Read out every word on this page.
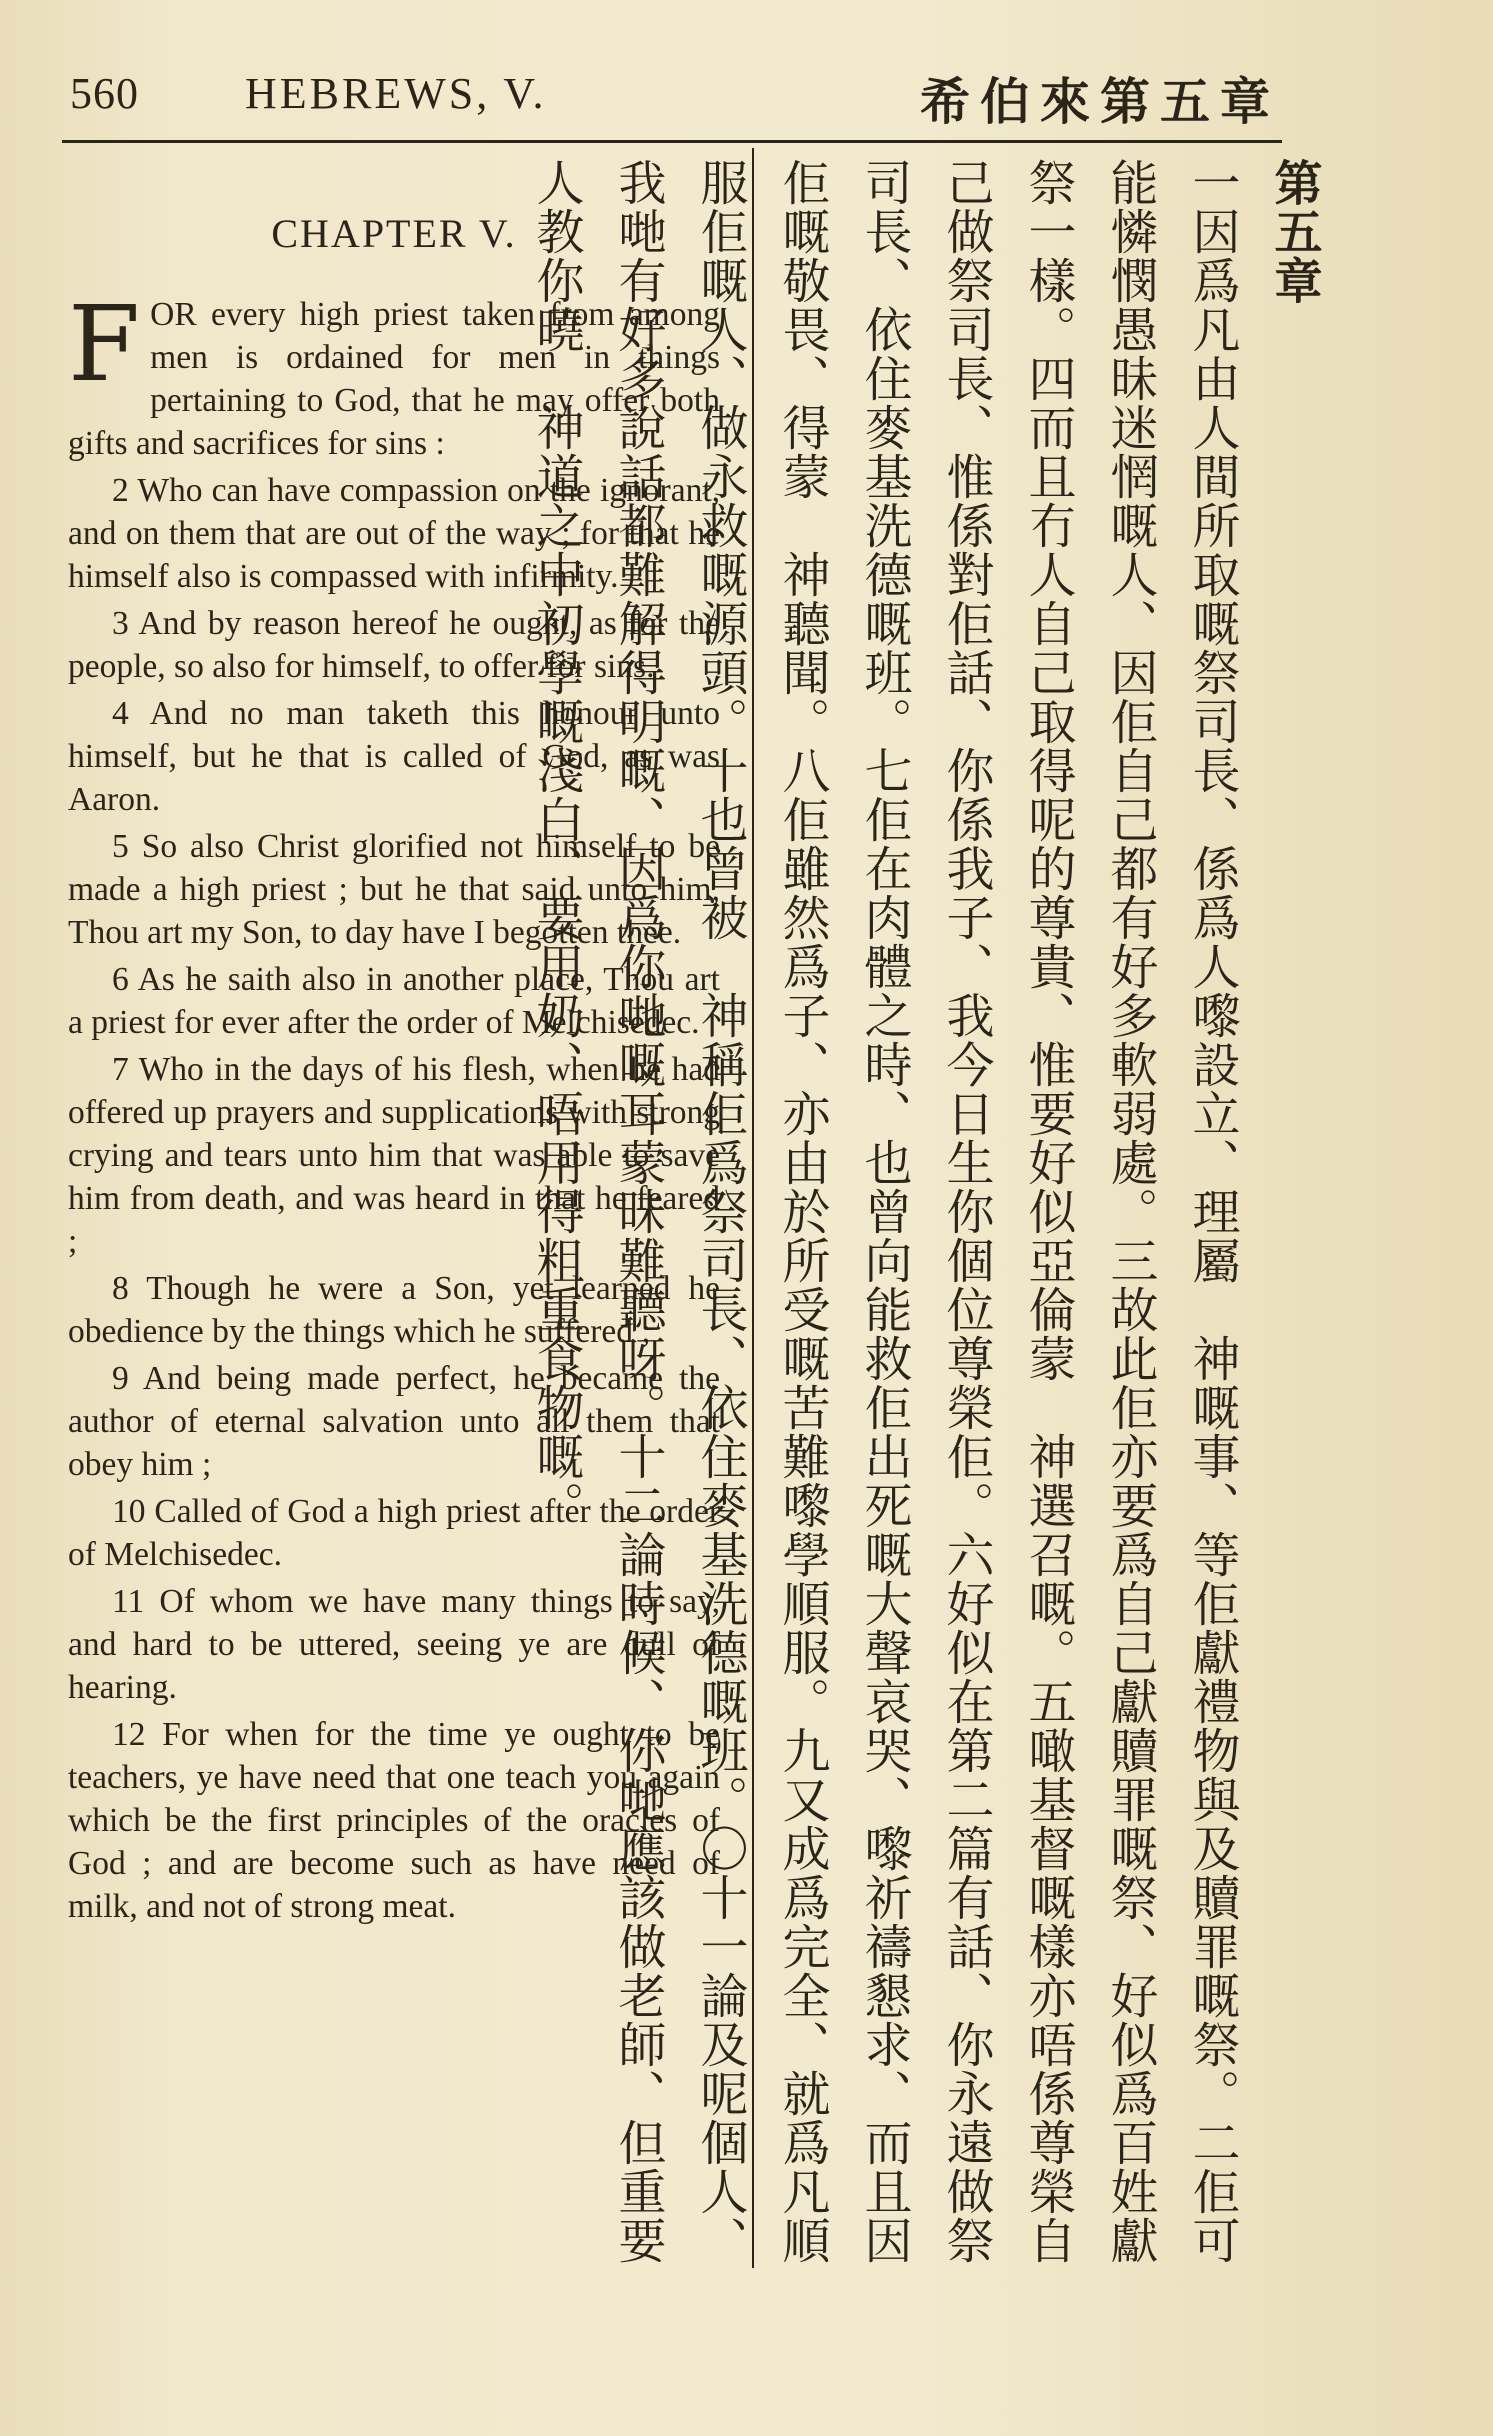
560 HEBREWS, V.	希伯來第五章
CHAPTER V.

FOR every high priest taken from among men is ordained for men in things pertaining to God, that he may offer both gifts and sacrifices for sins :

2 Who can have compassion on the ignorant, and on them that are out of the way ; for that he himself also is compassed with infirmity.

3 And by reason hereof he ought, as for the people, so also for himself, to offer for sins.

4 And no man taketh this honour unto himself, but he that is called of God, as was Aaron.

5 So also Christ glorified not himself to be made a high priest ; but he that said unto him, Thou art my Son, to day have I begotten thee.

6 As he saith also in another place, Thou art a priest for ever after the order of Melchisedec.

7 Who in the days of his flesh, when he had offered up prayers and supplications with strong crying and tears unto him that was able to save him from death, and was heard in that he feared ;

8 Though he were a Son, yet learned he obedience by the things which he suffered ;

9 And being made perfect, he became the author of eternal salvation unto all them that obey him ;

10 Called of God a high priest after the order of Melchisedec.

11 Of whom we have many things to say, and hard to be uttered, seeing ye are dull of hearing.

12 For when for the time ye ought to be teachers, ye have need that one teach you again which be the first principles of the oracles of God ; and are become such as have need of milk, and not of strong meat.

第五章

一因爲凡由人間所取嘅祭司長、係爲人嚟設立、理屬　神嘅事、等佢獻禮物與及贖罪嘅祭。二佢可能憐憫愚昧迷惘嘅人、因佢自己都有好多軟弱處。三故此佢亦要爲自己獻贖罪嘅祭、好似爲百姓獻祭一樣。四而且冇人自己取得呢的尊貴、惟要好似亞倫蒙　神選召嘅。五噉基督嘅樣亦唔係尊榮自己做祭司長、惟係對佢話、你係我子、我今日生你個位尊榮佢。六好似在第二篇有話、你永遠做祭司長、依住麥基洗德嘅班。七佢在肉體之時、也曾向能救佢出死嘅大聲哀哭、嚟祈禱懇求、而且因佢嘅敬畏、得蒙　神聽聞。八佢雖然爲子、亦由於所受嘅苦難嚟學順服。九又成爲完全、就爲凡順服佢嘅人、做永救嘅源頭。十也曾被　神稱佢爲祭司長、依住麥基洗德嘅班。〇十一論及呢個人、我哋有好多說話都難解得明嘅、因爲你哋嘅耳蒙昧難聽呀。十二論時候、你哋應該做老師、但重要人教你曉　神道之中初學嘅淺白、要用奶、唔用得粗重食物嘅。
